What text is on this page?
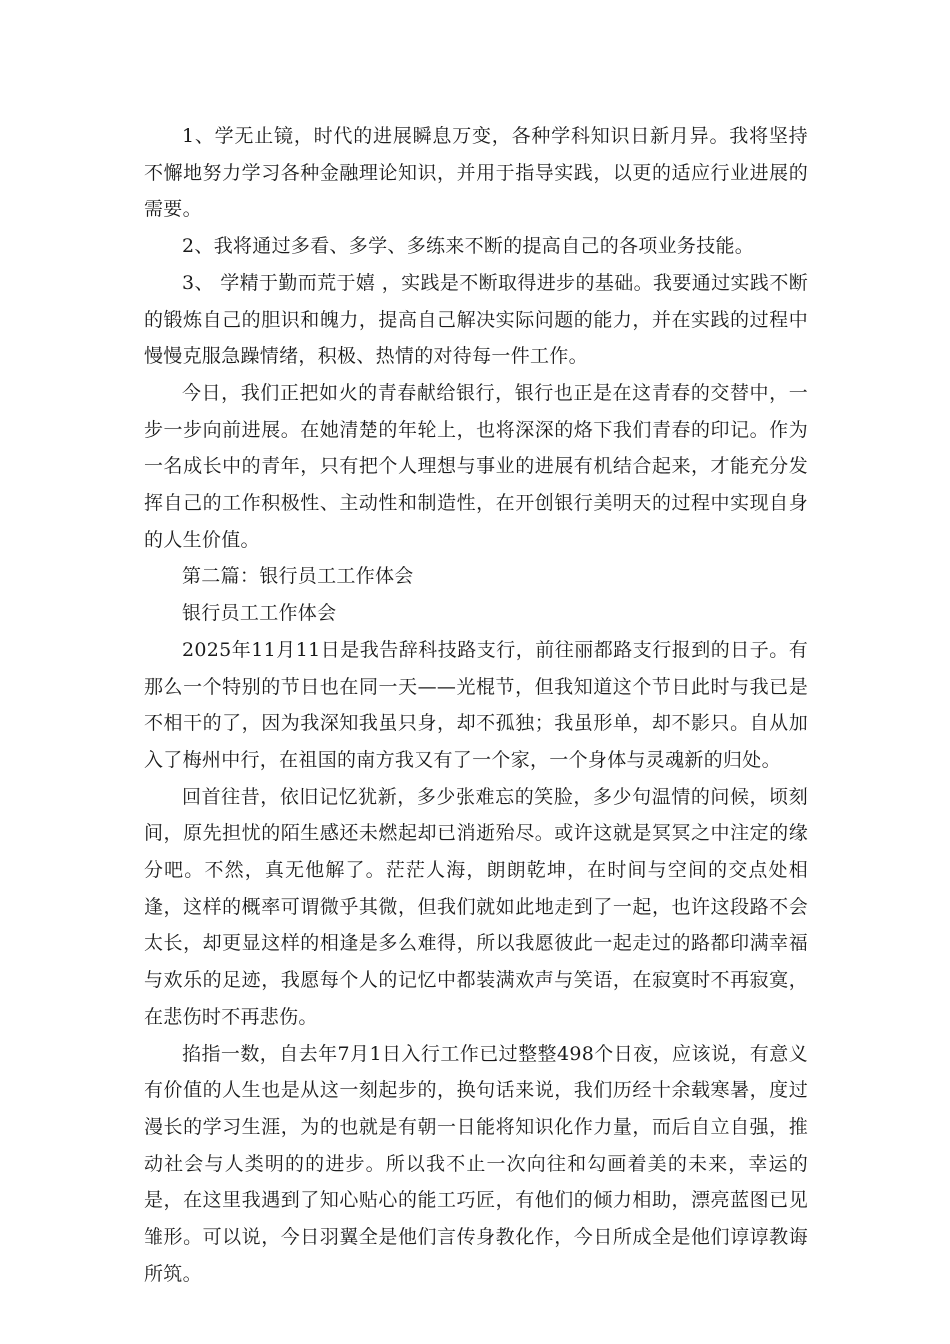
1、学无止镜，时代的进展瞬息万变，各种学科知识日新月异。我将坚持不懈地努力学习各种金融理论知识，并用于指导实践，以更的适应行业进展的需要。

2、我将通过多看、多学、多练来不断的提高自己的各项业务技能。

3、 学精于勤而荒于嬉 ，实践是不断取得进步的基础。我要通过实践不断的锻炼自己的胆识和魄力，提高自己解决实际问题的能力，并在实践的过程中慢慢克服急躁情绪，积极、热情的对待每一件工作。

今日，我们正把如火的青春献给银行，银行也正是在这青春的交替中，一步一步向前进展。在她清楚的年轮上，也将深深的烙下我们青春的印记。作为一名成长中的青年，只有把个人理想与事业的进展有机结合起来，才能充分发挥自己的工作积极性、主动性和制造性，在开创银行美明天的过程中实现自身的人生价值。

第二篇：银行员工工作体会

银行员工工作体会

2025年11月11日是我告辞科技路支行，前往丽都路支行报到的日子。有那么一个特别的节日也在同一天——光棍节，但我知道这个节日此时与我已是不相干的了，因为我深知我虽只身，却不孤独；我虽形单，却不影只。自从加入了梅州中行，在祖国的南方我又有了一个家，一个身体与灵魂新的归处。

回首往昔，依旧记忆犹新，多少张难忘的笑脸，多少句温情的问候，顷刻间，原先担忧的陌生感还未燃起却已消逝殆尽。或许这就是冥冥之中注定的缘分吧。不然，真无他解了。茫茫人海，朗朗乾坤，在时间与空间的交点处相逢，这样的概率可谓微乎其微，但我们就如此地走到了一起，也许这段路不会太长，却更显这样的相逢是多么难得，所以我愿彼此一起走过的路都印满幸福与欢乐的足迹，我愿每个人的记忆中都装满欢声与笑语，在寂寞时不再寂寞，在悲伤时不再悲伤。

掐指一数，自去年7月1日入行工作已过整整498个日夜，应该说，有意义有价值的人生也是从这一刻起步的，换句话来说，我们历经十余载寒暑，度过漫长的学习生涯，为的也就是有朝一日能将知识化作力量，而后自立自强，推动社会与人类明的的进步。所以我不止一次向往和勾画着美的未来，幸运的是，在这里我遇到了知心贴心的能工巧匠，有他们的倾力相助，漂亮蓝图已见雏形。可以说，今日羽翼全是他们言传身教化作，今日所成全是他们谆谆教诲所筑。
